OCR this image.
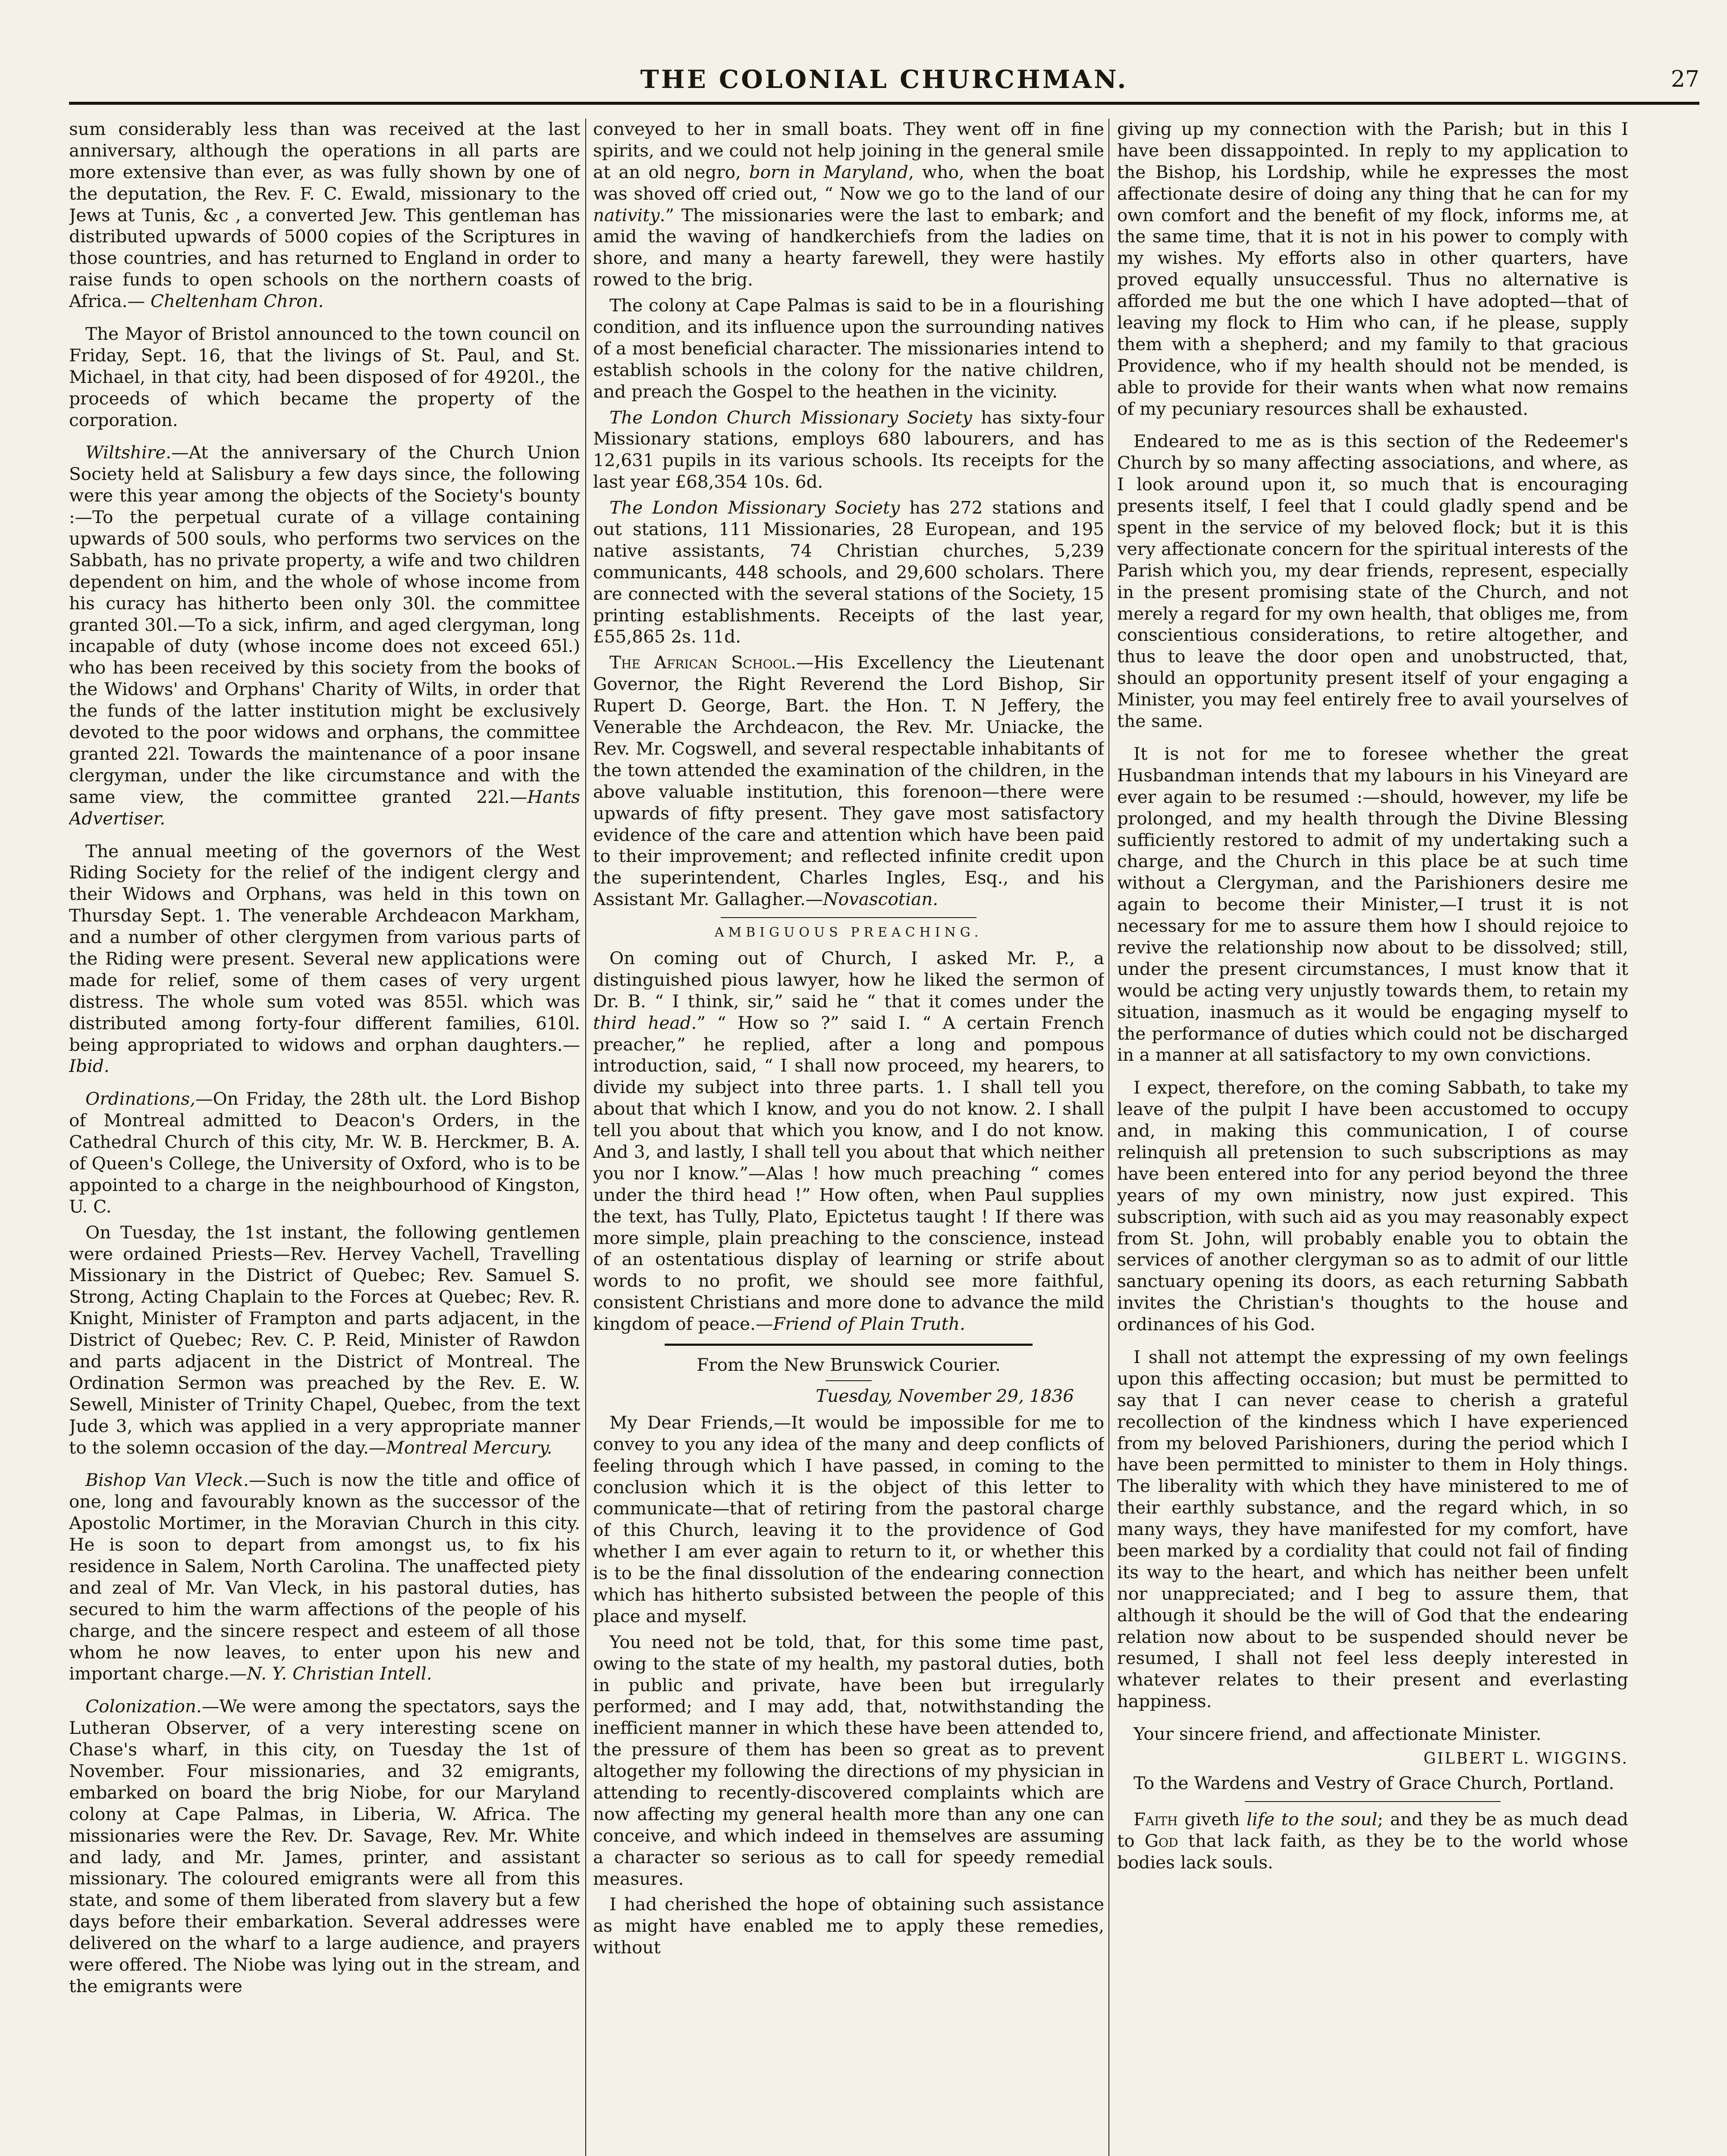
THE COLONIAL CHURCHMAN.	27

sum considerably less than was received at the last anniversary, although the operations in all parts are more extensive than ever, as was fully shown by one of the deputation, the Rev. F. C. Ewald, missionary to the Jews at Tunis, &c , a converted Jew. This gentleman has distributed upwards of 5000 copies of the Scriptures in those countries, and has returned to England in order to raise funds to open schools on the northern coasts of Africa.— Cheltenham Chron.

The Mayor of Bristol announced to the town council on Friday, Sept. 16, that the livings of St. Paul, and St. Michael, in that city, had been disposed of for 4920l., the proceeds of which became the property of the corporation.

Wiltshire.—At the anniversary of the Church Union Society held at Salisbury a few days since, the following were this year among the objects of the Society's bounty :—To the perpetual curate of a village containing upwards of 500 souls, who performs two services on the Sabbath, has no private property, a wife and two children dependent on him, and the whole of whose income from his curacy has hitherto been only 30l. the committee granted 30l.—To a sick, infirm, and aged clergyman, long incapable of duty (whose income does not exceed 65l.) who has been received by this society from the books of the Widows' and Orphans' Charity of Wilts, in order that the funds of the latter institution might be exclusively devoted to the poor widows and orphans, the committee granted 22l. Towards the maintenance of a poor insane clergyman, under the like circumstance and with the same view, the committee granted 22l.—Hants Advertiser.

The annual meeting of the governors of the West Riding Society for the relief of the indigent clergy and their Widows and Orphans, was held in this town on Thursday Sept. 1. The venerable Archdeacon Markham, and a number of other clergymen from various parts of the Riding were present. Several new applications were made for relief, some of them cases of very urgent distress. The whole sum voted was 855l. which was distributed among forty-four different families, 610l. being appropriated to widows and orphan daughters.—Ibid.

Ordinations,—On Friday, the 28th ult. the Lord Bishop of Montreal admitted to Deacon's Orders, in the Cathedral Church of this city, Mr. W. B. Herckmer, B. A. of Queen's College, the University of Oxford, who is to be appointed to a charge in the neighbourhood of Kingston, U. C.

On Tuesday, the 1st instant, the following gentlemen were ordained Priests—Rev. Hervey Vachell, Travelling Missionary in the District of Quebec; Rev. Samuel S. Strong, Acting Chaplain to the Forces at Quebec; Rev. R. Knight, Minister of Frampton and parts adjacent, in the District of Quebec; Rev. C. P. Reid, Minister of Rawdon and parts adjacent in the District of Montreal. The Ordination Sermon was preached by the Rev. E. W. Sewell, Minister of Trinity Chapel, Quebec, from the text Jude 3, which was applied in a very appropriate manner to the solemn occasion of the day.—Montreal Mercury.

Bishop Van Vleck.—Such is now the title and office of one, long and favourably known as the successor of the Apostolic Mortimer, in the Moravian Church in this city. He is soon to depart from amongst us, to fix his residence in Salem, North Carolina. The unaffected piety and zeal of Mr. Van Vleck, in his pastoral duties, has secured to him the warm affections of the people of his charge, and the sincere respect and esteem of all those whom he now leaves, to enter upon his new and important charge.—N. Y. Christian Intell.

Colonization.—We were among the spectators, says the Lutheran Observer, of a very interesting scene on Chase's wharf, in this city, on Tuesday the 1st of November. Four missionaries, and 32 emigrants, embarked on board the brig Niobe, for our Maryland colony at Cape Palmas, in Liberia, W. Africa. The missionaries were the Rev. Dr. Savage, Rev. Mr. White and lady, and Mr. James, printer, and assistant missionary. The coloured emigrants were all from this state, and some of them liberated from slavery but a few days before their embarkation. Several addresses were delivered on the wharf to a large audience, and prayers were offered. The Niobe was lying out in the stream, and the emigrants were

conveyed to her in small boats. They went off in fine spirits, and we could not help joining in the general smile at an old negro, born in Maryland, who, when the boat was shoved off cried out, “ Now we go to the land of our nativity.” The missionaries were the last to embark; and amid the waving of handkerchiefs from the ladies on shore, and many a hearty farewell, they were hastily rowed to the brig.

The colony at Cape Palmas is said to be in a flourishing condition, and its influence upon the surrounding natives of a most beneficial character. The missionaries intend to establish schools in the colony for the native children, and preach the Gospel to the heathen in the vicinity.

The London Church Missionary Society has sixty-four Missionary stations, employs 680 labourers, and has 12,631 pupils in its various schools. Its receipts for the last year £68,354 10s. 6d.

The London Missionary Society has 272 stations and out stations, 111 Missionaries, 28 European, and 195 native assistants, 74 Christian churches, 5,239 communicants, 448 schools, and 29,600 scholars. There are connected with the several stations of the Society, 15 printing establishments. Receipts of the last year, £55,865 2s. 11d.

The African School.—His Excellency the Lieutenant Governor, the Right Reverend the Lord Bishop, Sir Rupert D. George, Bart. the Hon. T. N Jeffery, the Venerable the Archdeacon, the Rev. Mr. Uniacke, the Rev. Mr. Cogswell, and several respectable inhabitants of the town attended the examination of the children, in the above valuable institution, this forenoon—there were upwards of fifty present. They gave most satisfactory evidence of the care and attention which have been paid to their improvement; and reflected infinite credit upon the superintendent, Charles Ingles, Esq., and his Assistant Mr. Gallagher.—Novascotian.

AMBIGUOUS PREACHING.

On coming out of Church, I asked Mr. P., a distinguished pious lawyer, how he liked the sermon of Dr. B. “ I think, sir,” said he “ that it comes under the third head.” “ How so ?” said I. “ A certain French preacher,” he replied, after a long and pompous introduction, said, “ I shall now proceed, my hearers, to divide my subject into three parts. 1. I shall tell you about that which I know, and you do not know. 2. I shall tell you about that which you know, and I do not know. And 3, and lastly, I shall tell you about that which neither you nor I know.”—Alas ! how much preaching “ comes under the third head !” How often, when Paul supplies the text, has Tully, Plato, Epictetus taught ! If there was more simple, plain preaching to the conscience, instead of an ostentatious display of learning or strife about words to no profit, we should see more faithful, consistent Christians and more done to advance the mild kingdom of peace.—Friend of Plain Truth.

From the New Brunswick Courier.

Tuesday, November 29, 1836

My Dear Friends,—It would be impossible for me to convey to you any idea of the many and deep conflicts of feeling through which I have passed, in coming to the conclusion which it is the object of this letter to communicate—that of retiring from the pastoral charge of this Church, leaving it to the providence of God whether I am ever again to return to it, or whether this is to be the final dissolution of the endearing connection which has hitherto subsisted between the people of this place and myself.

You need not be told, that, for this some time past, owing to the state of my health, my pastoral duties, both in public and private, have been but irregularly performed; and I may add, that, notwithstanding the inefficient manner in which these have been attended to, the pressure of them has been so great as to prevent altogether my following the directions of my physician in attending to recently-discovered complaints which are now affecting my general health more than any one can conceive, and which indeed in themselves are assuming a character so serious as to call for speedy remedial measures.

I had cherished the hope of obtaining such assistance as might have enabled me to apply these remedies, without

giving up my connection with the Parish; but in this I have been dissappointed. In reply to my application to the Bishop, his Lordship, while he expresses the most affectionate desire of doing any thing that he can for my own comfort and the benefit of my flock, informs me, at the same time, that it is not in his power to comply with my wishes. My efforts also in other quarters, have proved equally unsuccessful. Thus no alternative is afforded me but the one which I have adopted—that of leaving my flock to Him who can, if he please, supply them with a shepherd; and my family to that gracious Providence, who if my health should not be mended, is able to provide for their wants when what now remains of my pecuniary resources shall be exhausted.

Endeared to me as is this section of the Redeemer's Church by so many affecting associations, and where, as I look around upon it, so much that is encouraging presents itself, I feel that I could gladly spend and be spent in the service of my beloved flock; but it is this very affectionate concern for the spiritual interests of the Parish which you, my dear friends, represent, especially in the present promising state of the Church, and not merely a regard for my own health, that obliges me, from conscientious considerations, to retire altogether, and thus to leave the door open and unobstructed, that, should an opportunity present itself of your engaging a Minister, you may feel entirely free to avail yourselves of the same.

It is not for me to foresee whether the great Husbandman intends that my labours in his Vineyard are ever again to be resumed :—should, however, my life be prolonged, and my health through the Divine Blessing sufficiently restored to admit of my undertaking such a charge, and the Church in this place be at such time without a Clergyman, and the Parishioners desire me again to become their Minister,—I trust it is not necessary for me to assure them how I should rejoice to revive the relationship now about to be dissolved; still, under the present circumstances, I must know that it would be acting very unjustly towards them, to retain my situation, inasmuch as it would be engaging myself to the performance of duties which could not be discharged in a manner at all satisfactory to my own convictions.

I expect, therefore, on the coming Sabbath, to take my leave of the pulpit I have been accustomed to occupy and, in making this communication, I of course relinquish all pretension to such subscriptions as may have been entered into for any period beyond the three years of my own ministry, now just expired. This subscription, with such aid as you may reasonably expect from St. John, will probably enable you to obtain the services of another clergyman so as to admit of our little sanctuary opening its doors, as each returning Sabbath invites the Christian's thoughts to the house and ordinances of his God.

I shall not attempt the expressing of my own feelings upon this affecting occasion; but must be permitted to say that I can never cease to cherish a grateful recollection of the kindness which I have experienced from my beloved Parishioners, during the period which I have been permitted to minister to them in Holy things. The liberality with which they have ministered to me of their earthly substance, and the regard which, in so many ways, they have manifested for my comfort, have been marked by a cordiality that could not fail of finding its way to the heart, and which has neither been unfelt nor unappreciated; and I beg to assure them, that although it should be the will of God that the endearing relation now about to be suspended should never be resumed, I shall not feel less deeply interested in whatever relates to their present and everlasting happiness.

Your sincere friend, and affectionate Minister.

GILBERT L. WIGGINS.

To the Wardens and Vestry of Grace Church, Portland.

Faith giveth life to the soul; and they be as much dead to God that lack faith, as they be to the world whose bodies lack souls.
